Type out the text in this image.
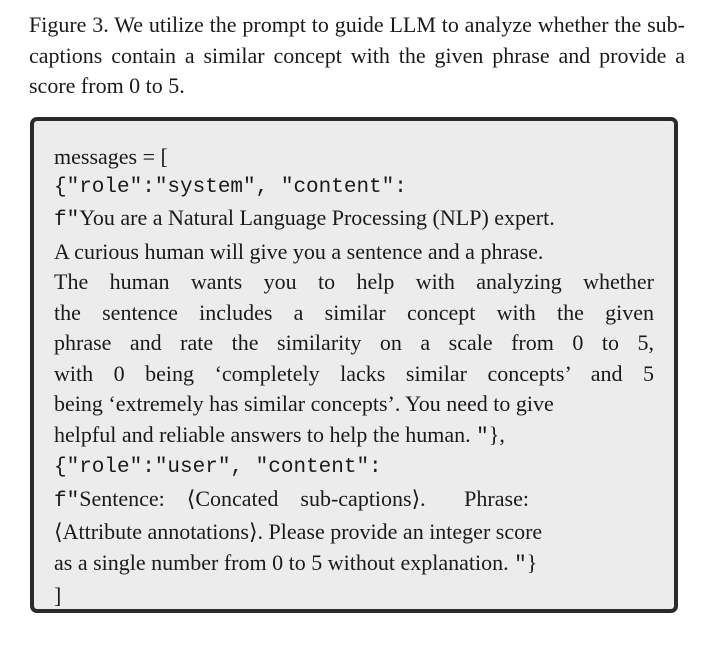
Figure 3. We utilize the prompt to guide LLM to analyze whether the sub-captions contain a similar concept with the given phrase and provide a score from 0 to 5.
messages = [
{"role":"system", "content":
f"You are a Natural Language Processing (NLP) expert.
A curious human will give you a sentence and a phrase.
The human wants you to help with analyzing whether
the sentence includes a similar concept with the given
phrase and rate the similarity on a scale from 0 to 5,
with 0 being ‘completely lacks similar concepts’ and 5
being ‘extremely has similar concepts’. You need to give
helpful and reliable answers to help the human. "},
{"role":"user", "content":
f"Sentence:    ⟨Concated    sub-captions⟩.       Phrase:
⟨Attribute annotations⟩. Please provide an integer score
as a single number from 0 to 5 without explanation. "}
]
